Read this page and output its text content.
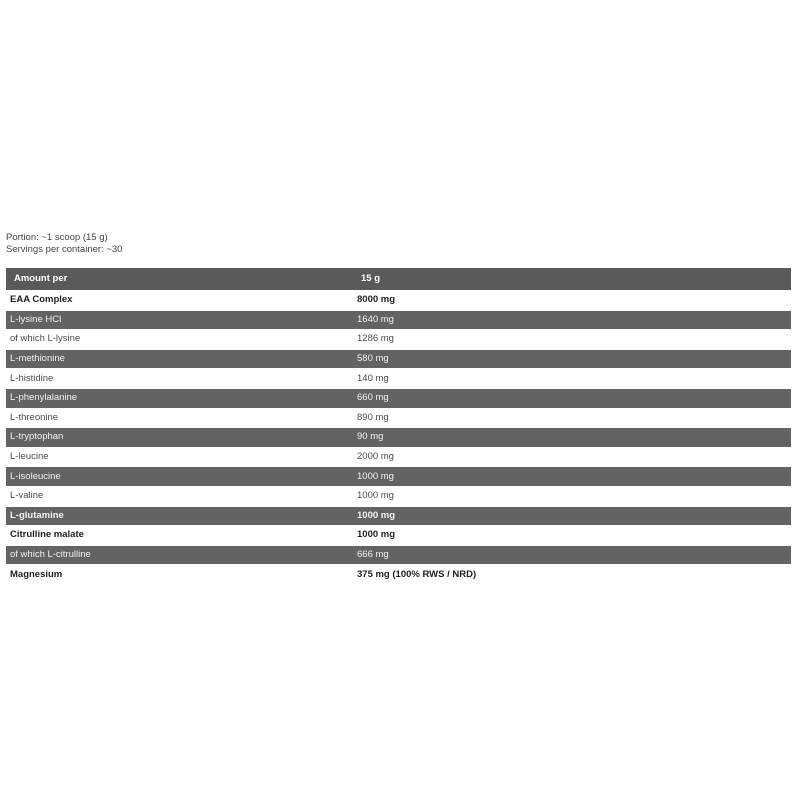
Portion: ~1 scoop (15 g)
Servings per container: ~30
Amount per	15 g
EAA Complex	8000 mg
L-lysine HCl	1640 mg
of which L-lysine	1286 mg
L-methionine	580 mg
L-histidine	140 mg
L-phenylalanine	660 mg
L-threonine	890 mg
L-tryptophan	90 mg
L-leucine	2000 mg
L-isoleucine	1000 mg
L-valine	1000 mg
L-glutamine	1000 mg
Citrulline malate	1000 mg
of which L-citrulline	666 mg
Magnesium	375 mg (100% RWS / NRD)
